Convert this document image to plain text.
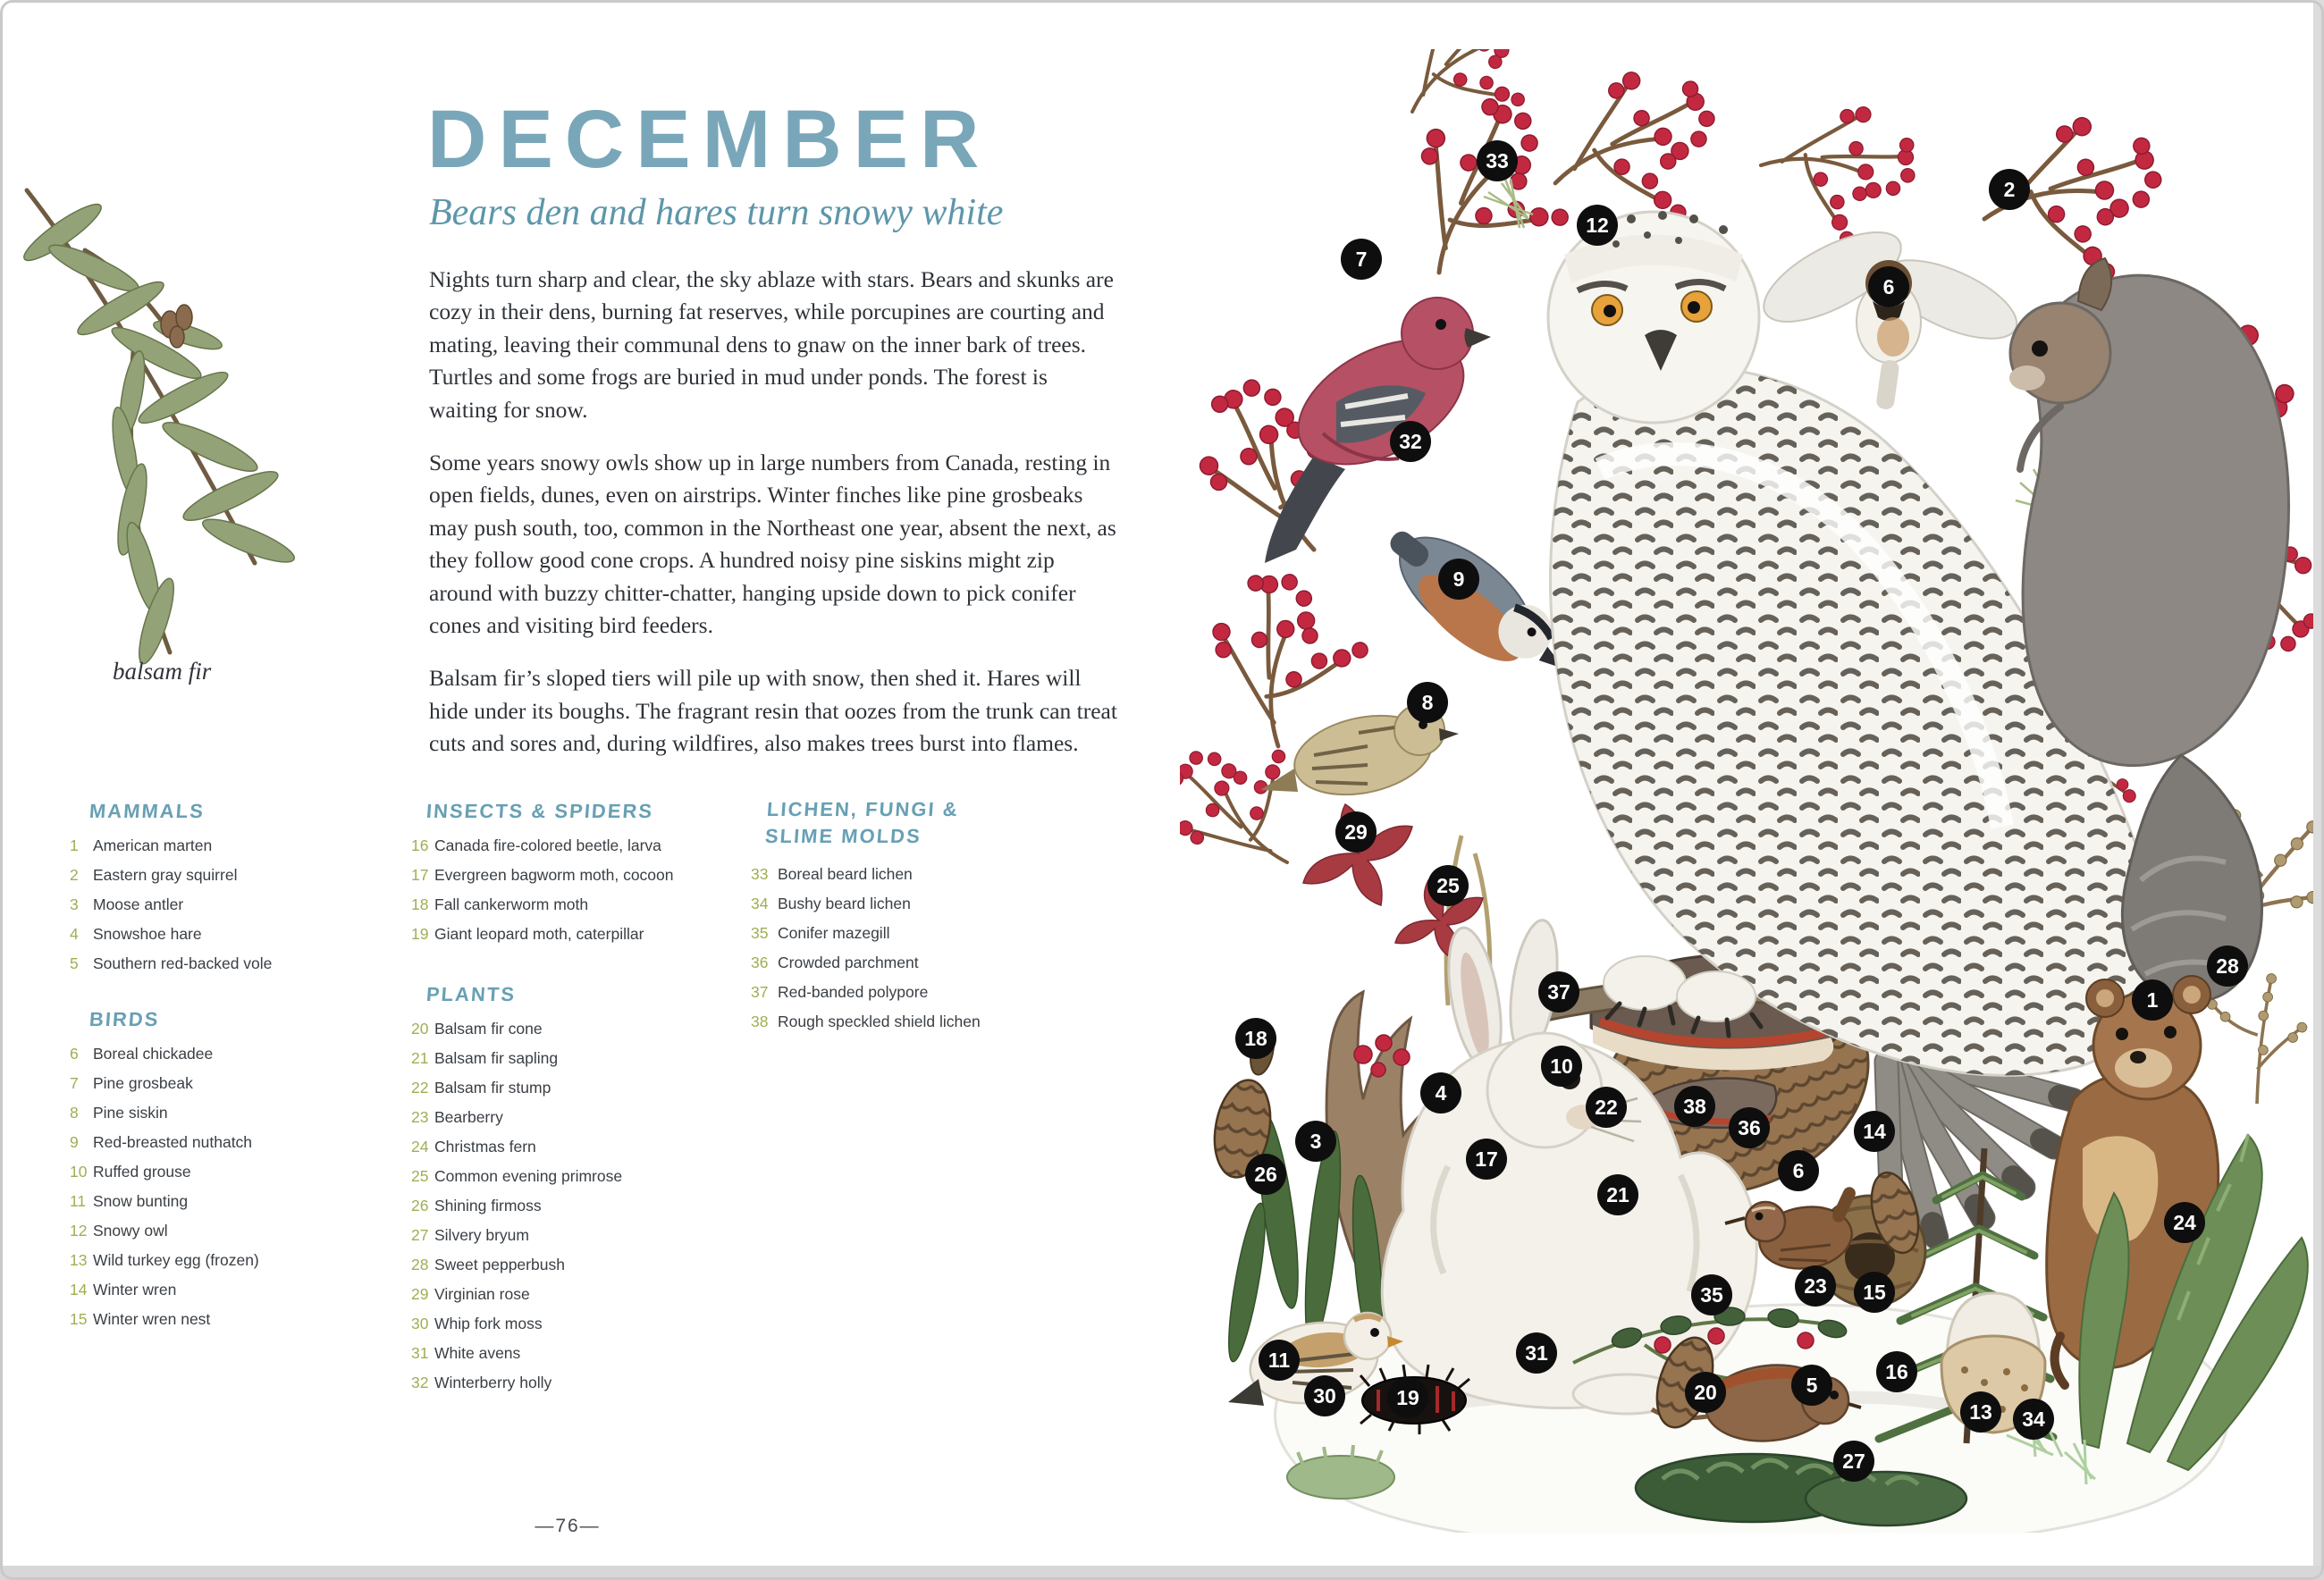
balsam fir
DECEMBER
Bears den and hares turn snowy white

Nights turn sharp and clear, the sky ablaze with stars. Bears and skunks are cozy in their dens, burning fat reserves, while porcupines are courting and mating, leaving their communal dens to gnaw on the inner bark of trees. Turtles and some frogs are buried in mud under ponds. The forest is waiting for snow.

Some years snowy owls show up in large numbers from Canada, resting in open fields, dunes, even on airstrips. Winter finches like pine grosbeaks may push south, too, common in the Northeast one year, absent the next, as they follow good cone crops. A hundred noisy pine siskins might zip around with buzzy chitter-chatter, hanging upside down to pick conifer cones and visiting bird feeders.

Balsam fir’s sloped tiers will pile up with snow, then shed it. Hares will hide under its boughs. The fragrant resin that oozes from the trunk can treat cuts and sores and, during wildfires, also makes trees burst into flames.

MAMMALS
1 American marten
2 Eastern gray squirrel
3 Moose antler
4 Snowshoe hare
5 Southern red-backed vole
BIRDS
6 Boreal chickadee
7 Pine grosbeak
8 Pine siskin
9 Red-breasted nuthatch
10 Ruffed grouse
11 Snow bunting
12 Snowy owl
13 Wild turkey egg (frozen)
14 Winter wren
15 Winter wren nest
INSECTS & SPIDERS
16 Canada fire-colored beetle, larva
17 Evergreen bagworm moth, cocoon
18 Fall cankerworm moth
19 Giant leopard moth, caterpillar
PLANTS
20 Balsam fir cone
21 Balsam fir sapling
22 Balsam fir stump
23 Bearberry
24 Christmas fern
25 Common evening primrose
26 Shining firmoss
27 Silvery bryum
28 Sweet pepperbush
29 Virginian rose
30 Whip fork moss
31 White avens
32 Winterberry holly
LICHEN, FUNGI & SLIME MOLDS
33 Boreal beard lichen
34 Bushy beard lichen
35 Conifer mazegill
36 Crowded parchment
37 Red-banded polypore
38 Rough speckled shield lichen
—76—
33
2
12
7
6
32
9
8
29
25
28
37	1
18
10
4
22	38
36	14
3
17	6
26
21
24
23	15
35
31
11	16
5
20
30	19
13	34
27
